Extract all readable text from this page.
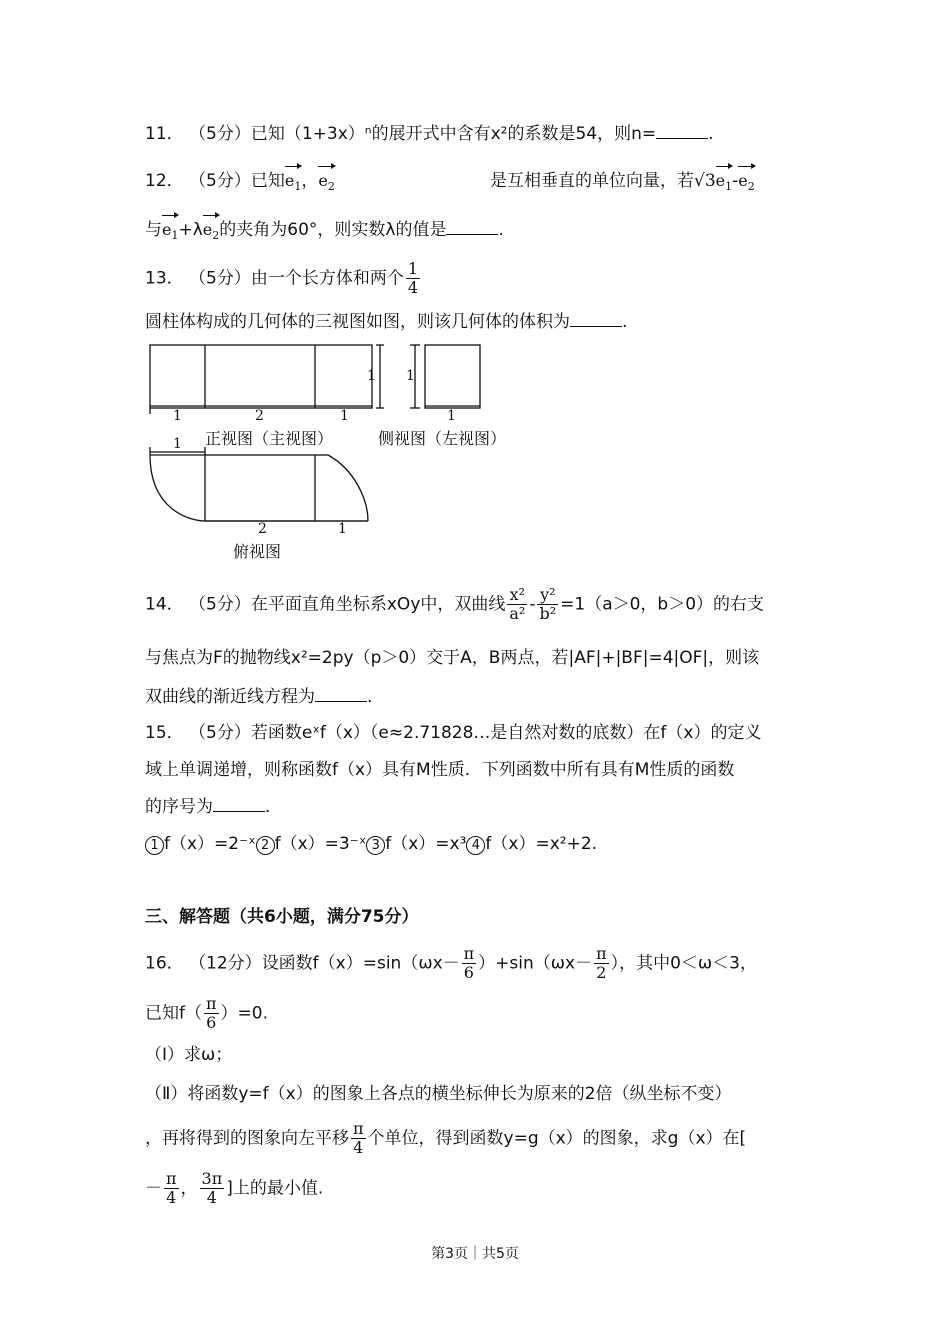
11． （5分）已知（1+3x）ⁿ的展开式中含有x²的系数是54，则n=	.
12． （5分）已知$e_1$，$e_2$	是互相垂直的单位向量，若$√3e_1-e_2$
与$e_1+\lambda e_2$的夹角为60°，则实数λ的值是	.
13． （5分）由一个长方体和两个 $\frac{1}{4}$
圆柱体构成的几何体的三视图如图，则该几何体的体积为	.
1	2	1
1 1
1
1
2	1
正视图（主视图）	侧视图（左视图）
俯视图
14． （5分）在平面直角坐标系xOy中，双曲线 $\frac{\text{x²}}{\text{a²}} - \frac{\text{y²}}{\text{b²}} =1(a>0$，b＞0）的右支
与焦点为F的抛物线x²=2py（p＞0）交于A，B两点，若|AF|+|BF|=4|OF|，则该
双曲线的渐近线方程为	.
15． （5分）若函数eˣf（x）（e≈2.71828…是自然对数的底数）在f（x）的定义
域上单调递增，则称函数f（x）具有M性质．下列函数中所有具有M性质的函数
的序号为	.
1 f（x）=2⁻ˣ 2 f（x）=3⁻ˣ 3 f（x）=x³ 4 f（x）=x²+2.
三、解答题（共6小题，满分75分）
16． （12分）设函数$f(x)=\sin(\omega x- \frac{\pi}{6} )+\sin(\omega x- \frac{\pi}{2}$ ），其中0＜ω＜3，
已知$f( \frac{\pi}{6} )=0$.
（Ⅰ）求ω；
（Ⅱ）将函数y=f（x）的图象上各点的横坐标伸长为原来的2倍（纵坐标不变）
，再将得到的图象向左平移 $\frac{\pi}{4}$ 个单位，得到函数y=g（x）的图象，求g（x）在[
－ $\frac{\pi}{4}$ ， $\frac{3\pi}{4}$ ]上的最小值.
第3页｜共5页
